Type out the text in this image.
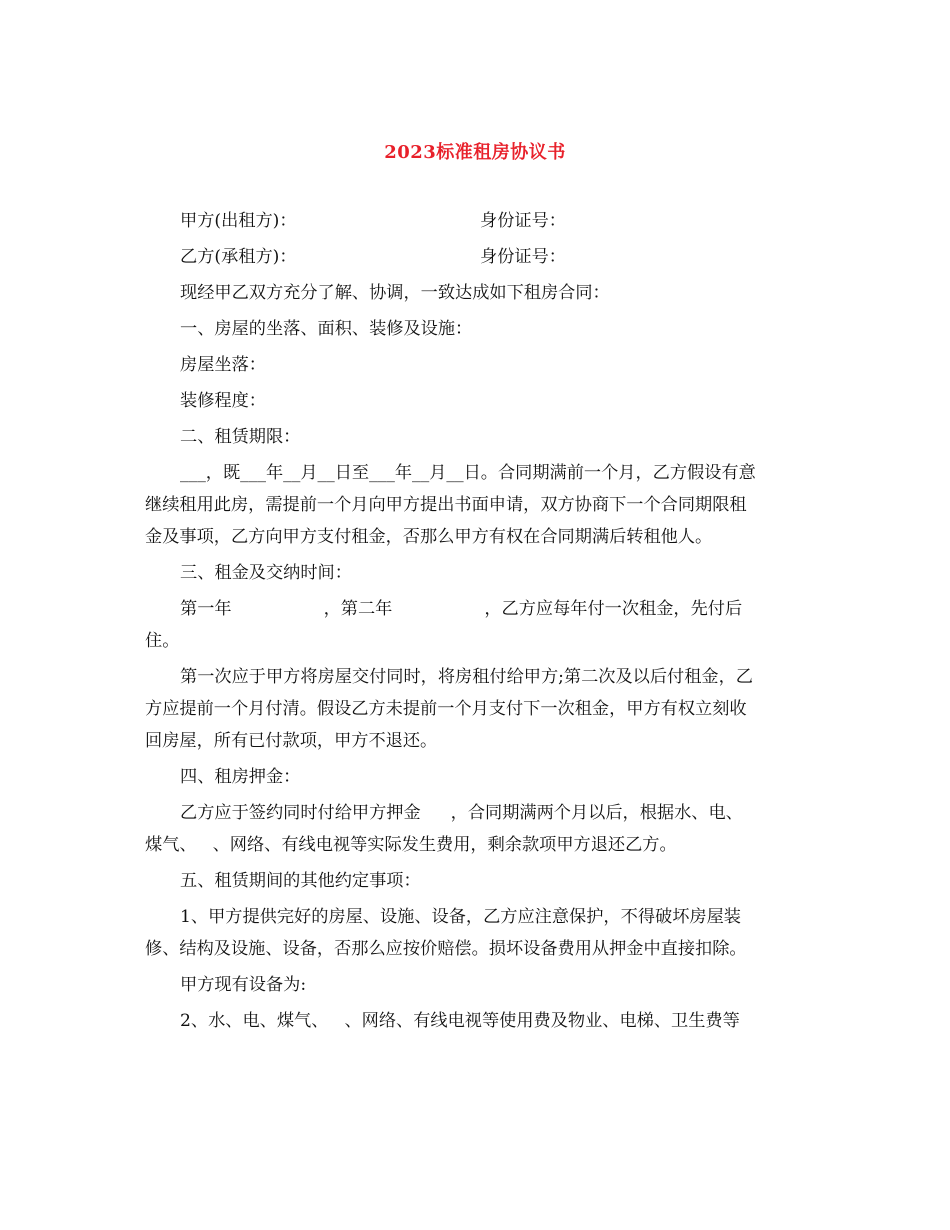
2023标准租房协议书
甲方(出租方)：	身份证号：
乙方(承租方)：	身份证号：
现经甲乙双方充分了解、协调，一致达成如下租房合同：
一、房屋的坐落、面积、装修及设施：
房屋坐落：
装修程度：
二、租赁期限：
___，既___年__月__日至___年__月__日。合同期满前一个月，乙方假设有意
继续租用此房，需提前一个月向甲方提出书面申请，双方协商下一个合同期限租
金及事项，乙方向甲方支付租金，否那么甲方有权在合同期满后转租他人。
三、租金及交纳时间：
第一年	，第二年	，乙方应每年付一次租金，先付后
住。
第一次应于甲方将房屋交付同时，将房租付给甲方;第二次及以后付租金，乙
方应提前一个月付清。假设乙方未提前一个月支付下一次租金，甲方有权立刻收
回房屋，所有已付款项，甲方不退还。
四、租房押金：
乙方应于签约同时付给甲方押金 ，合同期满两个月以后，根据水、电、
煤气、 、网络、有线电视等实际发生费用，剩余款项甲方退还乙方。
五、租赁期间的其他约定事项：
1、甲方提供完好的房屋、设施、设备，乙方应注意保护，不得破坏房屋装
修、结构及设施、设备，否那么应按价赔偿。损坏设备费用从押金中直接扣除。
甲方现有设备为:
2、水、电、煤气、 、网络、有线电视等使用费及物业、电梯、卫生费等
